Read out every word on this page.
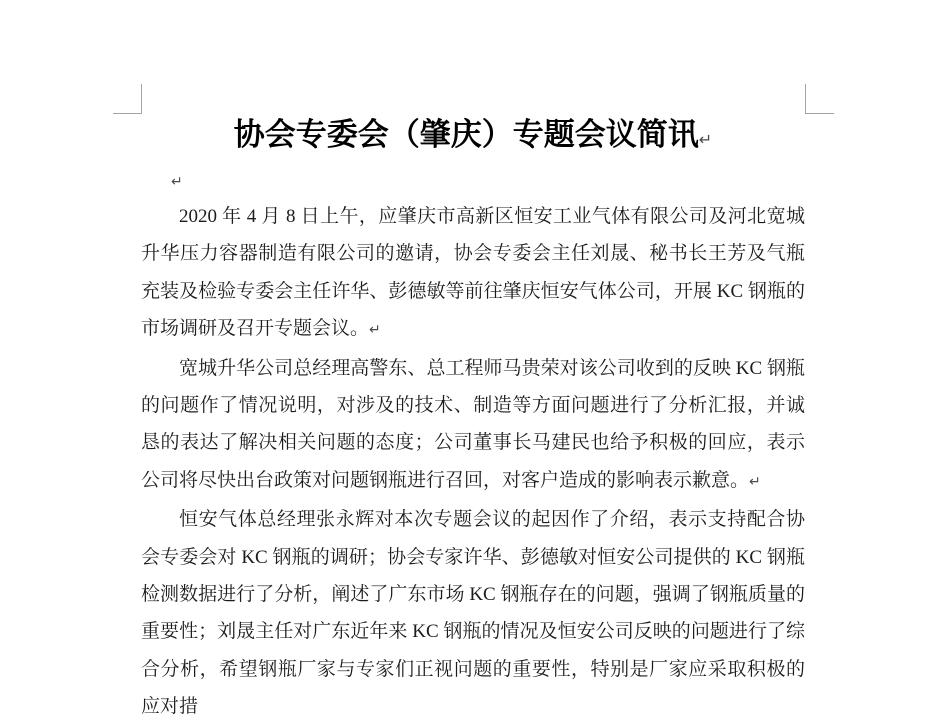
协会专委会（肇庆）专题会议简讯↵
↵

2020 年 4 月 8 日上午，应肇庆市高新区恒安工业气体有限公司及河北宽城升华压力容器制造有限公司的邀请，协会专委会主任刘晟、秘书长王芳及气瓶充装及检验专委会主任许华、彭德敏等前往肇庆恒安气体公司，开展 KC 钢瓶的市场调研及召开专题会议。↵

宽城升华公司总经理高警东、总工程师马贵荣对该公司收到的反映 KC 钢瓶的问题作了情况说明，对涉及的技术、制造等方面问题进行了分析汇报，并诚恳的表达了解决相关问题的态度；公司董事长马建民也给予积极的回应，表示公司将尽快出台政策对问题钢瓶进行召回，对客户造成的影响表示歉意。↵

恒安气体总经理张永辉对本次专题会议的起因作了介绍，表示支持配合协会专委会对 KC 钢瓶的调研；协会专家许华、彭德敏对恒安公司提供的 KC 钢瓶检测数据进行了分析，阐述了广东市场 KC 钢瓶存在的问题，强调了钢瓶质量的重要性；刘晟主任对广东近年来 KC 钢瓶的情况及恒安公司反映的问题进行了综合分析，希望钢瓶厂家与专家们正视问题的重要性，特别是厂家应采取积极的应对措
